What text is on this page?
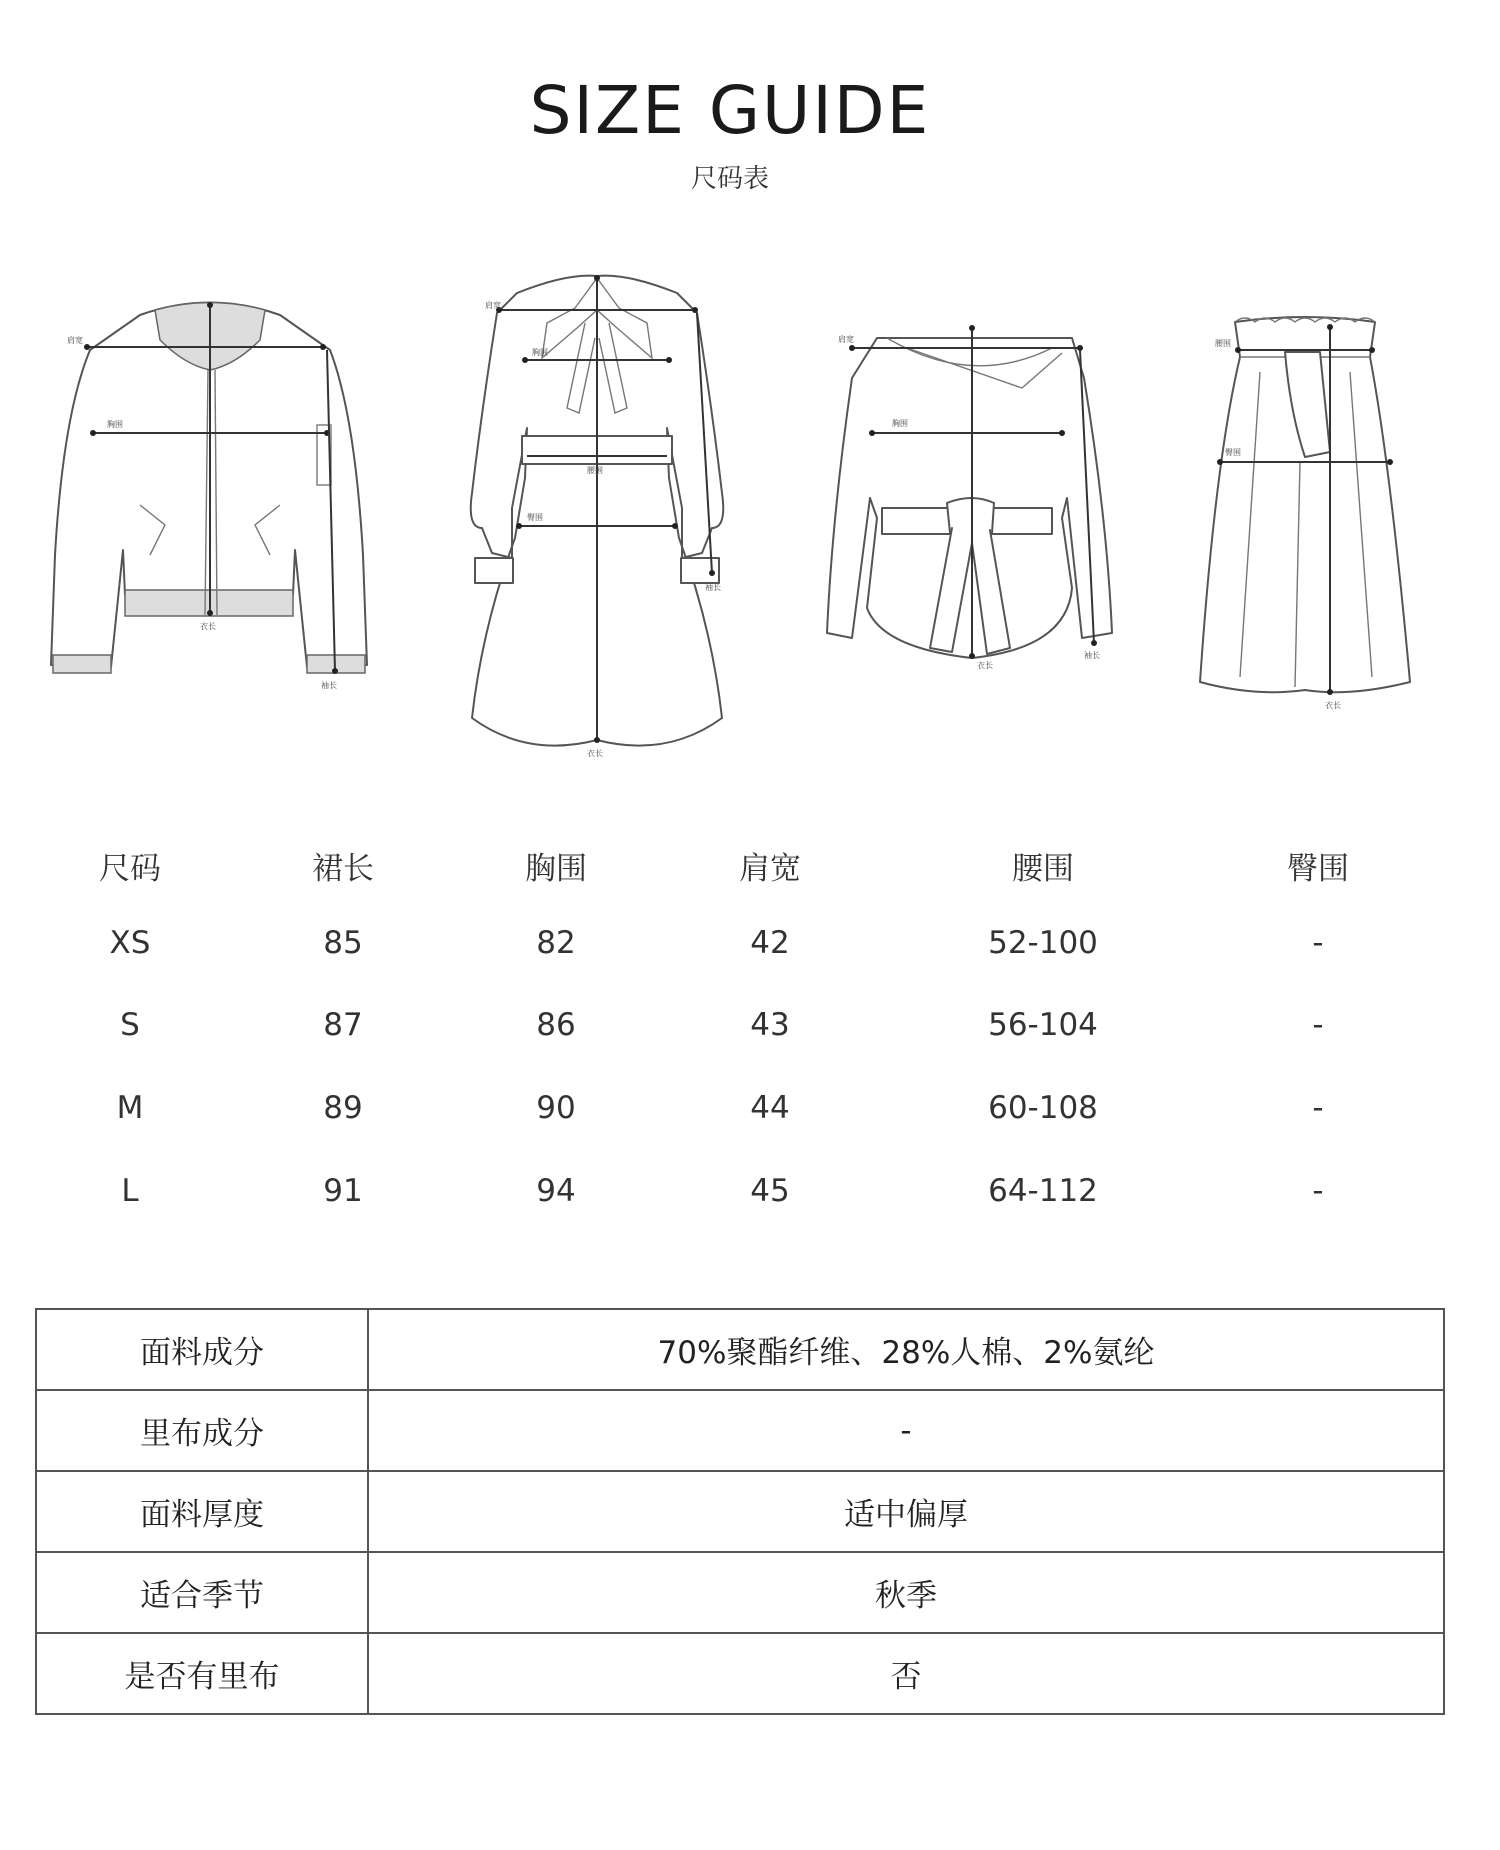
SIZE GUIDE
尺码表
肩宽
胸围
衣长
袖长
肩宽
胸围
腰围
臀围
袖长
衣长
肩宽
胸围
衣长
袖长
腰围
臀围
衣长
尺码	裙长	胸围	肩宽	腰围	臀围
XS	85	82	42	52-100	-
S	87	86	43	56-104	-
M	89	90	44	60-108	-
L	91	94	45	64-112	-
面料成分	70%聚酯纤维、28%人棉、2%氨纶
里布成分	-
面料厚度	适中偏厚
适合季节	秋季
是否有里布	否
